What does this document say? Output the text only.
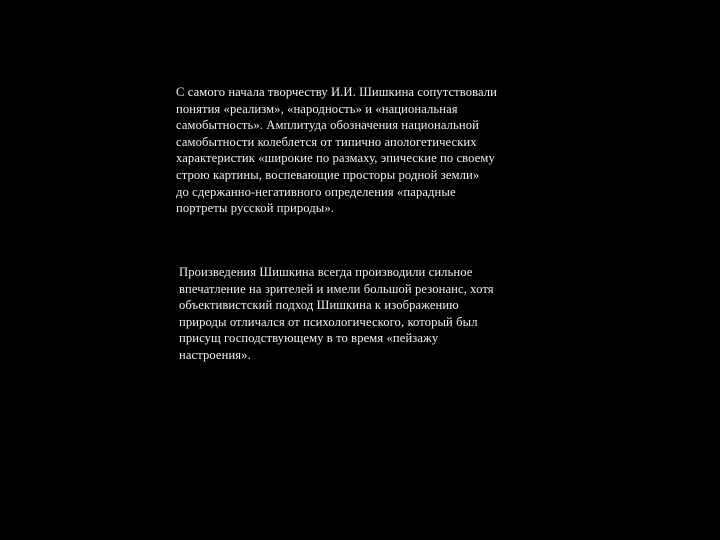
С самого начала творчеству И.И. Шишкина сопутствовали
понятия «реализм», «народность» и «национальная
самобытность». Амплитуда обозначения национальной
самобытности колеблется от типично апологетических
характеристик «широкие по размаху, эпические по своему
строю картины, воспевающие просторы родной земли»
до сдержанно-негативного определения «парадные
портреты русской природы».

Произведения Шишкина всегда производили сильное
впечатление на зрителей и имели большой резонанс, хотя
объективистский подход Шишкина к изображению
природы отличался от психологического, который был
присущ господствующему в то время «пейзажу
настроения».
